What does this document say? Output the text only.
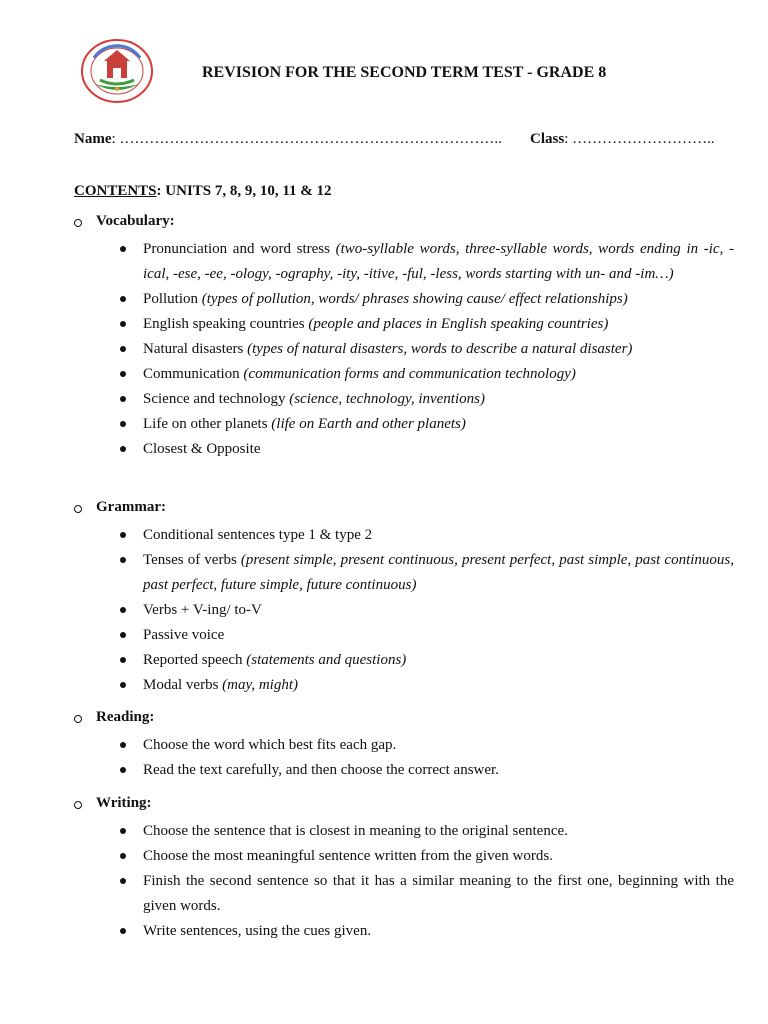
REVISION FOR THE SECOND TERM TEST - GRADE 8
Name: ………………………………………………………………….. Class: ………………………..
CONTENTS: UNITS 7, 8, 9, 10, 11 & 12
Vocabulary:
Pronunciation and word stress (two-syllable words, three-syllable words, words ending in -ic, -ical, -ese, -ee, -ology, -ography, -ity, -itive, -ful, -less, words starting with un- and -im…)
Pollution (types of pollution, words/ phrases showing cause/ effect relationships)
English speaking countries (people and places in English speaking countries)
Natural disasters (types of natural disasters, words to describe a natural disaster)
Communication (communication forms and communication technology)
Science and technology (science, technology, inventions)
Life on other planets (life on Earth and other planets)
Closest & Opposite
Grammar:
Conditional sentences type 1 & type 2
Tenses of verbs (present simple, present continuous, present perfect, past simple, past continuous, past perfect, future simple, future continuous)
Verbs + V-ing/ to-V
Passive voice
Reported speech (statements and questions)
Modal verbs (may, might)
Reading:
Choose the word which best fits each gap.
Read the text carefully, and then choose the correct answer.
Writing:
Choose the sentence that is closest in meaning to the original sentence.
Choose the most meaningful sentence written from the given words.
Finish the second sentence so that it has a similar meaning to the first one, beginning with the given words.
Write sentences, using the cues given.
